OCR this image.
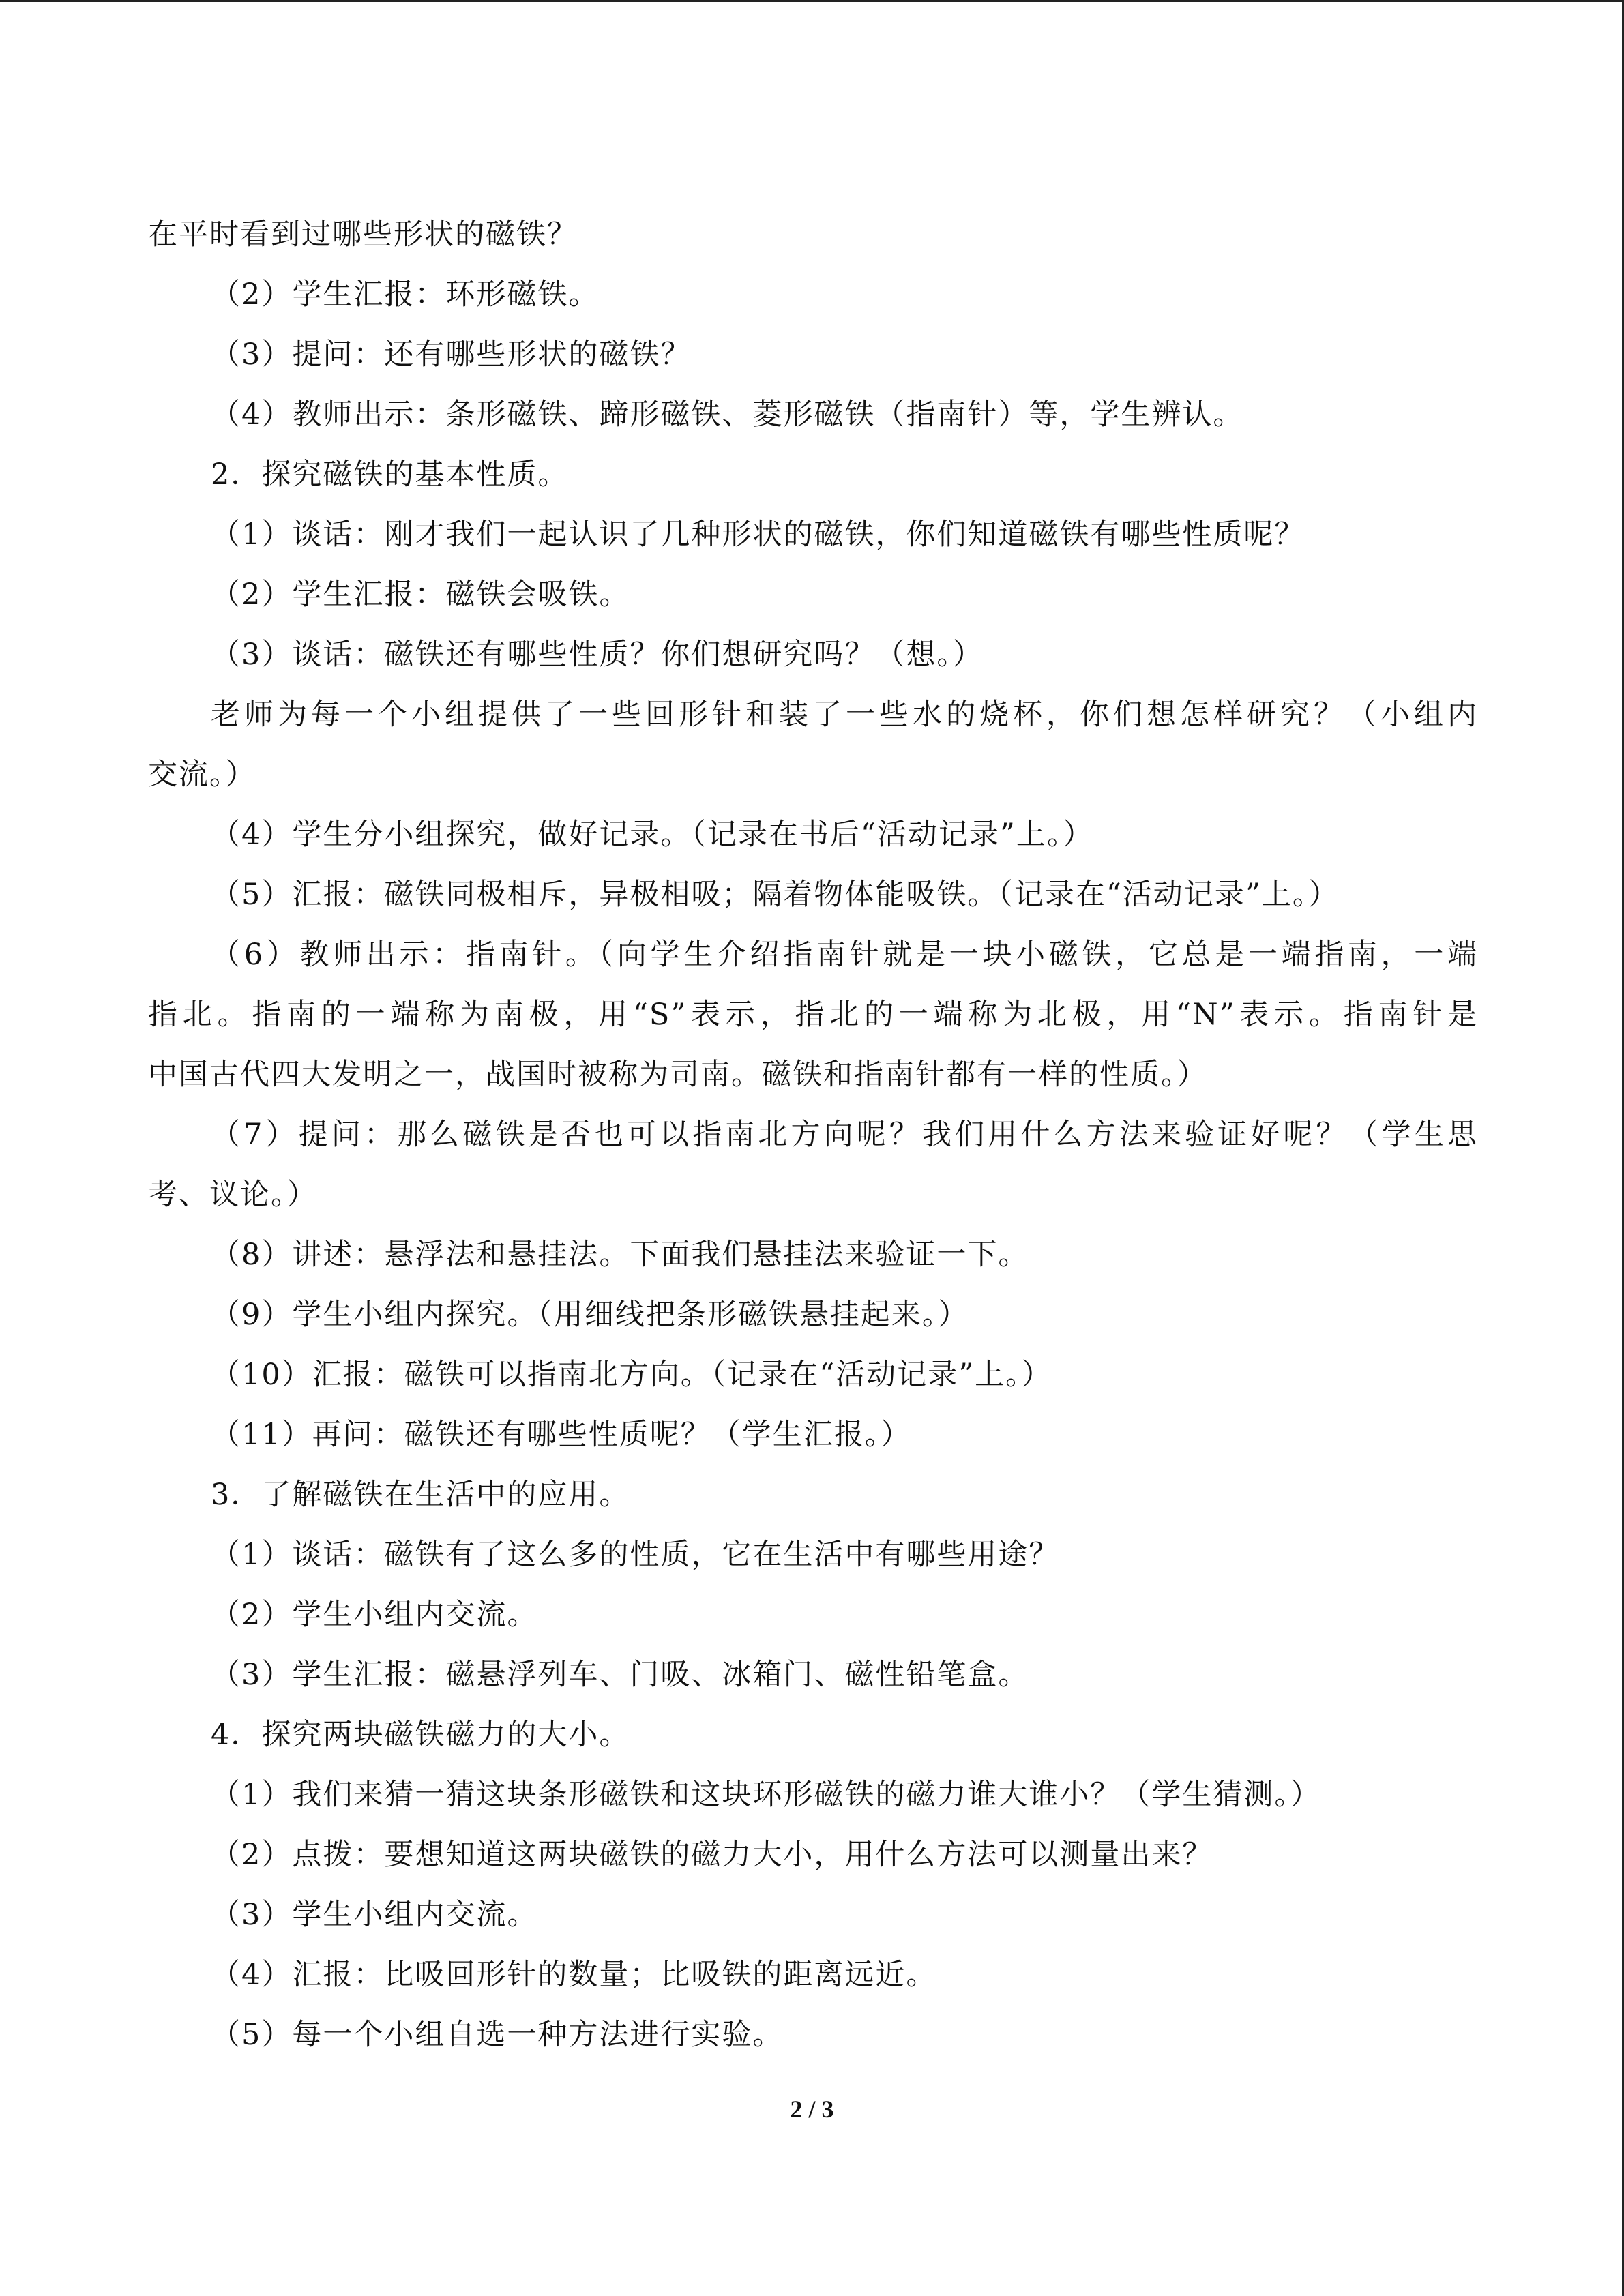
在平时看到过哪些形状的磁铁？
（2）学生汇报：环形磁铁。
（3）提问：还有哪些形状的磁铁？
（4）教师出示：条形磁铁、蹄形磁铁、菱形磁铁（指南针）等，学生辨认。
2．探究磁铁的基本性质。
（1）谈话：刚才我们一起认识了几种形状的磁铁，你们知道磁铁有哪些性质呢？
（2）学生汇报：磁铁会吸铁。
（3）谈话：磁铁还有哪些性质？你们想研究吗？（想。）
老师为每一个小组提供了一些回形针和装了一些水的烧杯，你们想怎样研究？（小组内
交流。）
（4）学生分小组探究，做好记录。（记录在书后“活动记录”上。）
（5）汇报：磁铁同极相斥，异极相吸；隔着物体能吸铁。（记录在“活动记录”上。）
（6）教师出示：指南针。（向学生介绍指南针就是一块小磁铁，它总是一端指南，一端
指北。指南的一端称为南极，用“S”表示，指北的一端称为北极，用“N”表示。指南针是
中国古代四大发明之一，战国时被称为司南。磁铁和指南针都有一样的性质。）
（7）提问：那么磁铁是否也可以指南北方向呢？我们用什么方法来验证好呢？（学生思
考、议论。）
（8）讲述：悬浮法和悬挂法。下面我们悬挂法来验证一下。
（9）学生小组内探究。（用细线把条形磁铁悬挂起来。）
（10）汇报：磁铁可以指南北方向。（记录在“活动记录”上。）
（11）再问：磁铁还有哪些性质呢？（学生汇报。）
3．了解磁铁在生活中的应用。
（1）谈话：磁铁有了这么多的性质，它在生活中有哪些用途？
（2）学生小组内交流。
（3）学生汇报：磁悬浮列车、门吸、冰箱门、磁性铅笔盒。
4．探究两块磁铁磁力的大小。
（1）我们来猜一猜这块条形磁铁和这块环形磁铁的磁力谁大谁小？（学生猜测。）
（2）点拨：要想知道这两块磁铁的磁力大小，用什么方法可以测量出来？
（3）学生小组内交流。
（4）汇报：比吸回形针的数量；比吸铁的距离远近。
（5）每一个小组自选一种方法进行实验。
2 / 3
